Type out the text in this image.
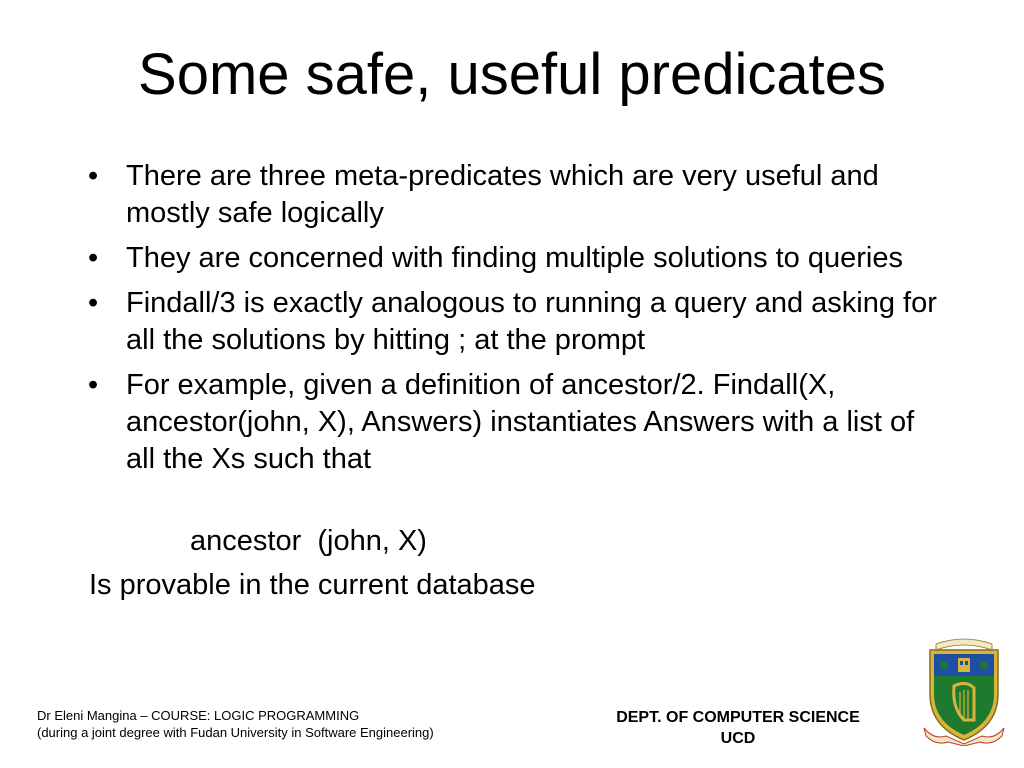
Some safe, useful predicates
• There are three meta-predicates which are very useful and mostly safe logically
• They are concerned with finding multiple solutions to queries
• Findall/3 is exactly analogous to running a query and asking for all the solutions by hitting ; at the prompt
• For example, given a definition of ancestor/2. Findall(X, ancestor(john, X), Answers) instantiates Answers with a list of all the Xs such that
ancestor  (john, X)
Is provable in the current database
Dr Eleni Mangina – COURSE: LOGIC PROGRAMMING
(during a joint degree with Fudan University in Software Engineering)
DEPT. OF COMPUTER SCIENCE
UCD
